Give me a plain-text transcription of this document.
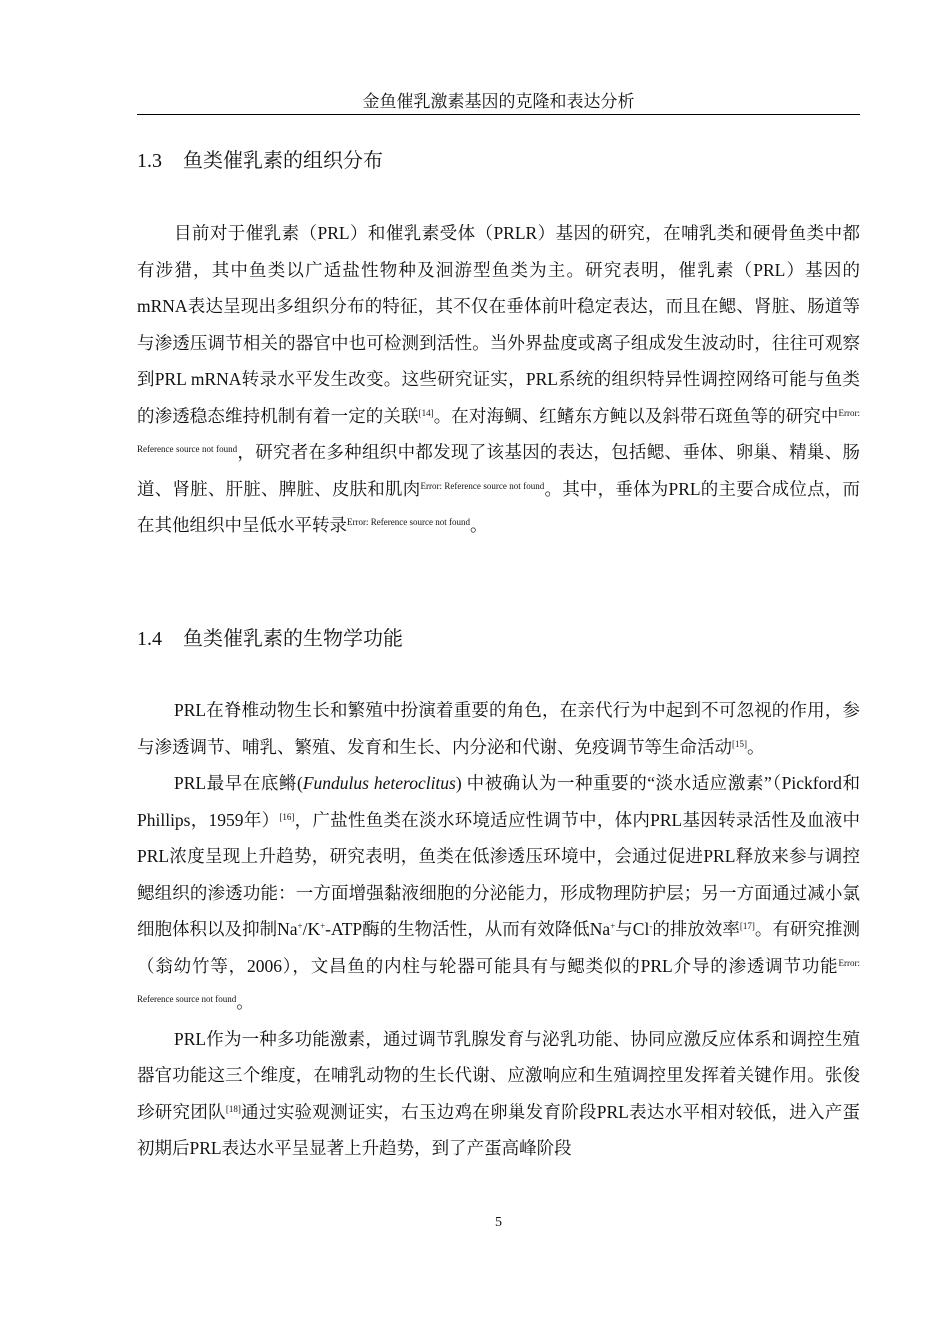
金鱼催乳激素基因的克隆和表达分析
1.3 鱼类催乳素的组织分布

目前对于催乳素（PRL）和催乳素受体（PRLR）基因的研究，在哺乳类和硬骨鱼类中都有涉猎，其中鱼类以广适盐性物种及洄游型鱼类为主。研究表明，催乳素（PRL）基因的mRNA表达呈现出多组织分布的特征，其不仅在垂体前叶稳定表达，而且在鳃、肾脏、肠道等与渗透压调节相关的器官中也可检测到活性。当外界盐度或离子组成发生波动时，往往可观察到PRL mRNA转录水平发生改变。这些研究证实，PRL系统的组织特异性调控网络可能与鱼类的渗透稳态维持机制有着一定的关联[14]。在对海鲷、红鳍东方鲀以及斜带石斑鱼等的研究中$^{Error: Reference source not found}$，研究者在多种组织中都发现了该基因的表达，包括鳃、垂体、卵巢、精巢、肠道、肾脏、肝脏、脾脏、皮肤和肌肉$^{Error: Reference source not found}$。其中，垂体为PRL的主要合成位点，而在其他组织中呈低水平转录$^{Error: Reference source not found}$。

1.4 鱼类催乳素的生物学功能

PRL在脊椎动物生长和繁殖中扮演着重要的角色，在亲代行为中起到不可忽视的作用，参与渗透调节、哺乳、繁殖、发育和生长、内分泌和代谢、免疫调节等生命活动[15]。

PRL最早在底鳉(Fundulus heteroclitus) 中被确认为一种重要的“淡水适应激素”（Pickford和 Phillips，1959年）[16]，广盐性鱼类在淡水环境适应性调节中，体内PRL基因转录活性及血液中PRL浓度呈现上升趋势，研究表明，鱼类在低渗透压环境中，会通过促进PRL释放来参与调控鳃组织的渗透功能：一方面增强黏液细胞的分泌能力，形成物理防护层；另一方面通过减小氯细胞体积以及抑制Na+/K+-ATP酶的生物活性，从而有效降低Na+与Cl-的排放效率[17]。有研究推测（翁幼竹等，2006），文昌鱼的内柱与轮器可能具有与鳃类似的PRL介导的渗透调节功能$^{Error: Reference source not found}$。

PRL作为一种多功能激素，通过调节乳腺发育与泌乳功能、协同应激反应体系和调控生殖器官功能这三个维度，在哺乳动物的生长代谢、应激响应和生殖调控里发挥着关键作用。张俊珍研究团队[18]通过实验观测证实，右玉边鸡在卵巢发育阶段PRL表达水平相对较低，进入产蛋初期后PRL表达水平呈显著上升趋势，到了产蛋高峰阶段

5
